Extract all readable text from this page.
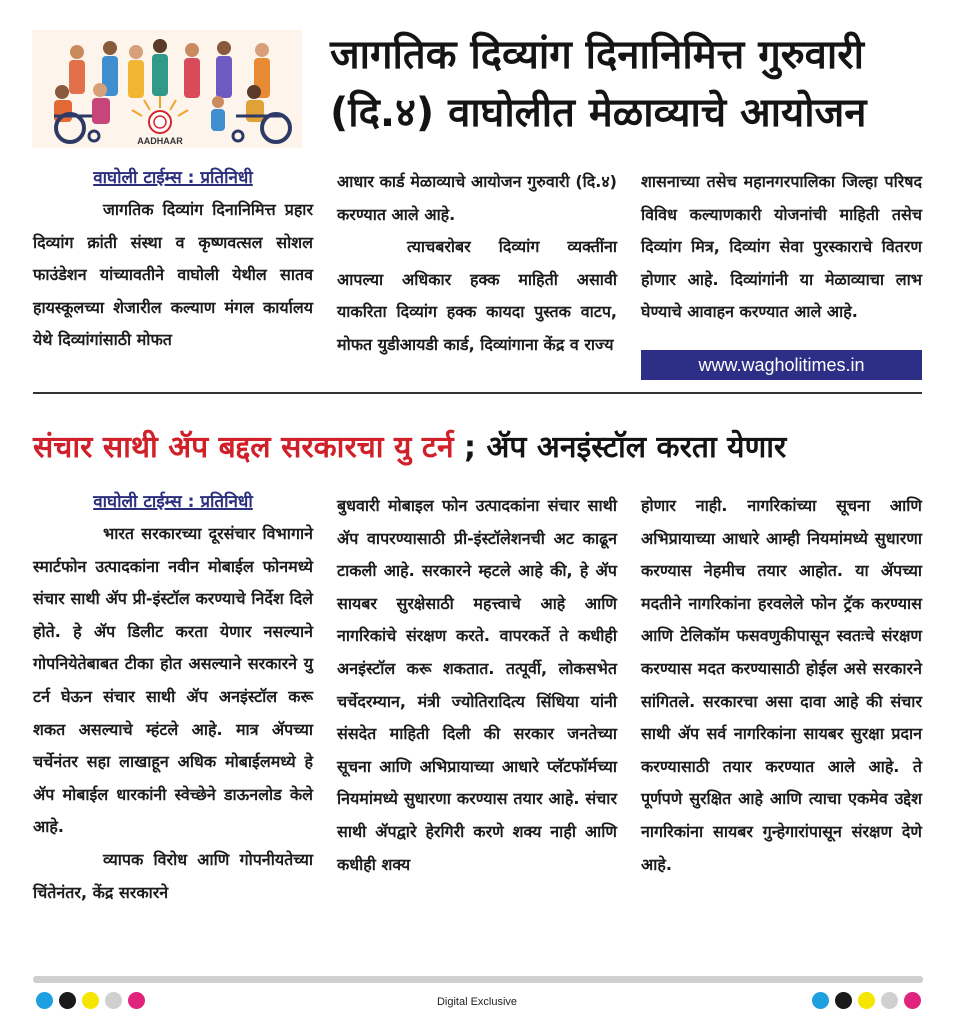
AADHAAR
जागतिक दिव्यांग दिनानिमित्त गुरुवारी (दि.४) वाघोलीत मेळाव्याचे आयोजन
वाघोली टाईम्स : प्रतिनिधी

जागतिक दिव्यांग दिनानिमित्त प्रहार दिव्यांग क्रांती संस्था व कृष्णवत्सल सोशल फाउंडेशन यांच्यावतीने वाघोली येथील सातव हायस्कूलच्या शेजारील कल्याण मंगल कार्यालय येथे दिव्यांगांसाठी मोफत

आधार कार्ड मेळाव्याचे आयोजन गुरुवारी (दि.४) करण्यात आले आहे.

त्याचबरोबर दिव्यांग व्यक्तींना आपल्या अधिकार हक्क माहिती असावी याकरिता दिव्यांग हक्क कायदा पुस्तक वाटप, मोफत युडीआयडी कार्ड, दिव्यांगाना केंद्र व राज्य

शासनाच्या तसेच महानगरपालिका जिल्हा परिषद विविध कल्याणकारी योजनांची माहिती तसेच दिव्यांग मित्र, दिव्यांग सेवा पुरस्काराचे वितरण होणार आहे. दिव्यांगांनी या मेळाव्याचा लाभ घेण्याचे आवाहन करण्यात आले आहे.

www.wagholitimes.in
संचार साथी ॲप बद्दल सरकारचा यु टर्न ; ॲप अनइंस्टॉल करता येणार
वाघोली टाईम्स : प्रतिनिधी

भारत सरकारच्या दूरसंचार विभागाने स्मार्टफोन उत्पादकांना नवीन मोबाईल फोनमध्ये संचार साथी ॲप प्री-इंस्टॉल करण्याचे निर्देश दिले होते. हे ॲप डिलीट करता येणार नसल्याने गोपनियेतेबाबत टीका होत असल्याने सरकारने यु टर्न घेऊन संचार साथी ॲप अनइंस्टॉल करू शकत असल्याचे म्हंटले आहे. मात्र ॲपच्या चर्चेनंतर सहा लाखाहून अधिक मोबाईलमध्ये हे ॲप मोबाईल धारकांनी स्वेच्छेने डाऊनलोड केले आहे.

व्यापक विरोध आणि गोपनीयतेच्या चिंतेनंतर, केंद्र सरकारने

बुधवारी मोबाइल फोन उत्पादकांना संचार साथी ॲप वापरण्यासाठी प्री-इंस्टॉलेशनची अट काढून टाकली आहे. सरकारने म्हटले आहे की, हे ॲप सायबर सुरक्षेसाठी महत्त्वाचे आहे आणि नागरिकांचे संरक्षण करते. वापरकर्ते ते कधीही अनइंस्टॉल करू शकतात. तत्पूर्वी, लोकसभेत चर्चेदरम्यान, मंत्री ज्योतिरादित्य सिंधिया यांनी संसदेत माहिती दिली की सरकार जनतेच्या सूचना आणि अभिप्रायाच्या आधारे प्लॅटफॉर्मच्या नियमांमध्ये सुधारणा करण्यास तयार आहे. संचार साथी ॲपद्वारे हेरगिरी करणे शक्य नाही आणि कधीही शक्य

होणार नाही. नागरिकांच्या सूचना आणि अभिप्रायाच्या आधारे आम्ही नियमांमध्ये सुधारणा करण्यास नेहमीच तयार आहोत. या ॲपच्या मदतीने नागरिकांना हरवलेले फोन ट्रॅक करण्यास आणि टेलिकॉम फसवणुकीपासून स्वतःचे संरक्षण करण्यास मदत करण्यासाठी होईल असे सरकारने सांगितले. सरकारचा असा दावा आहे की संचार साथी ॲप सर्व नागरिकांना सायबर सुरक्षा प्रदान करण्यासाठी तयार करण्यात आले आहे. ते पूर्णपणे सुरक्षित आहे आणि त्याचा एकमेव उद्देश नागरिकांना सायबर गुन्हेगारांपासून संरक्षण देणे आहे.

Digital Exclusive
